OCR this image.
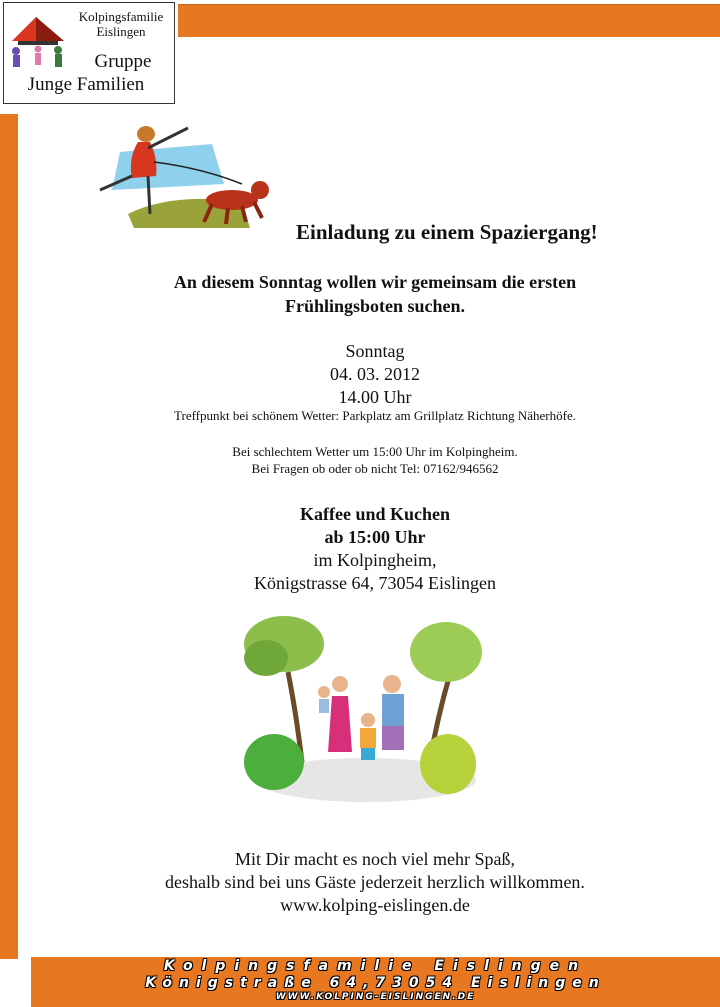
Kolpingsfamilie
Eislingen
Gruppe
Junge Familien
Einladung zu einem Spaziergang!
An diesem Sonntag wollen wir gemeinsam die ersten
Frühlingsboten suchen.
Sonntag
04. 03. 2012
14.00 Uhr
Treffpunkt bei schönem Wetter: Parkplatz am Grillplatz Richtung Näherhöfe.
Bei schlechtem Wetter um 15:00 Uhr im Kolpingheim.
Bei Fragen ob oder ob nicht Tel: 07162/946562
Kaffee und Kuchen
ab 15:00 Uhr
im Kolpingheim,
Königstrasse 64, 73054 Eislingen
Mit Dir macht es noch viel mehr Spaß,
deshalb sind bei uns Gäste jederzeit herzlich willkommen.
www.kolping-eislingen.de
Kolpingsfamilie Eislingen
Königstraße 64,73054 Eislingen
WWW.KOLPING-EISLINGEN.DE
